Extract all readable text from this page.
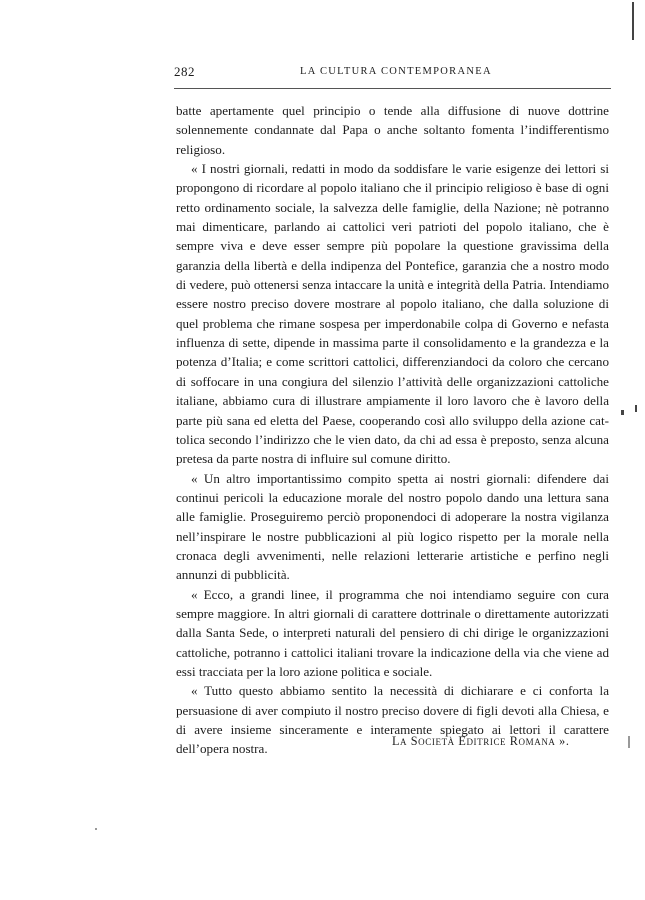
282	LA CULTURA CONTEMPORANEA

batte apertamente quel principio o tende alla diffusione di nuove dottrine solennemente condannate dal Papa o anche soltanto fomenta l’indifferentismo religioso.

« I nostri giornali, redatti in modo da soddisfare le varie esigenze dei lettori si propongono di ricordare al popolo italiano che il principio religioso è base di ogni retto ordinamento sociale, la salvezza delle famiglie, della Nazione; nè potranno mai dimenticare, parlando ai cattolici veri patrioti del popolo italiano, che è sempre viva e deve esser sempre più popolare la questione gravissima della garanzia della libertà e della indipenza del Pontefice, garanzia che a nostro modo di vedere, può ottenersi senza intaccare la unità e integrità della Patria. Intendiamo essere nostro preciso dovere mostrare al popolo italiano, che dalla soluzione di quel problema che rimane sospesa per imperdonabile colpa di Governo e nefasta influenza di sette, dipende in massima parte il consolidamento e la grandezza e la potenza d’Italia; e come scrittori cattolici, differenziandoci da coloro che cercano di soffocare in una congiura del silenzio l’attività delle organizzazioni cattoliche italiane, abbiamo cura di illustrare ampiamente il loro lavoro che è lavoro della parte più sana ed eletta del Paese, cooperando così allo sviluppo della azione cattolica secondo l’indirizzo che le vien dato, da chi ad essa è preposto, senza alcuna pretesa da parte nostra di influire sul comune diritto.

« Un altro importantissimo compito spetta ai nostri giornali: difendere dai continui pericoli la educazione morale del nostro popolo dando una lettura sana alle famiglie. Proseguiremo perciò proponendoci di adoperare la nostra vigilanza nell’inspirare le nostre pubblicazioni al più logico rispetto per la morale nella cronaca degli avvenimenti, nelle relazioni letterarie artistiche e perfino negli annunzi di pubblicità.

« Ecco, a grandi linee, il programma che noi intendiamo seguire con cura sempre maggiore. In altri giornali di carattere dottrinale o direttamente autorizzati dalla Santa Sede, o interpreti naturali del pensiero di chi dirige le organizzazioni cattoliche, potranno i cattolici italiani trovare la indicazione della via che viene ad essi tracciata per la loro azione politica e sociale.

« Tutto questo abbiamo sentito la necessità di dichiarare e ci conforta la persuasione di aver compiuto il nostro preciso dovere di figli devoti alla Chiesa, e di avere insieme sinceramente e interamente spiegato ai lettori il carattere dell’opera nostra.

La Società Editrice Romana ».
